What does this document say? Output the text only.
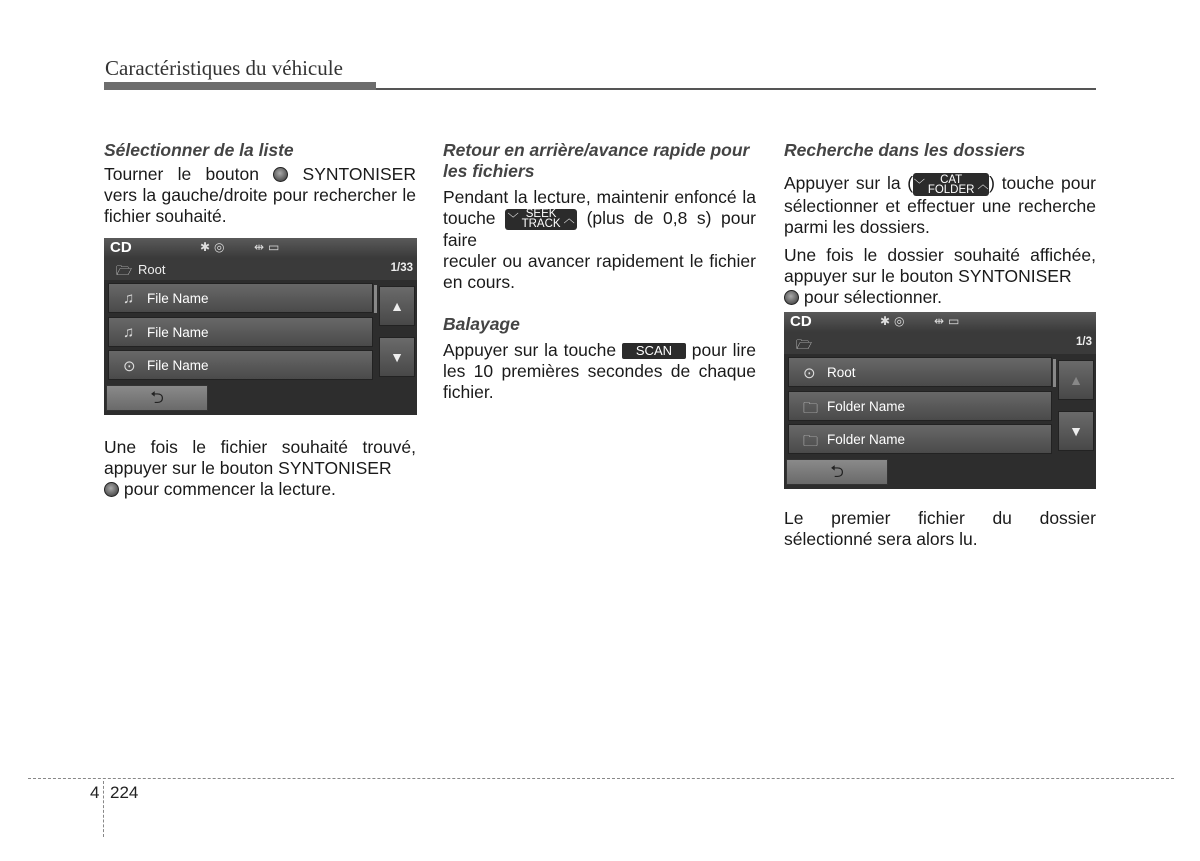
Caractéristiques du véhicule

Sélectionner de la liste

Tourner le bouton SYNTONISER vers la gauche/droite pour rechercher le fichier souhaité.

CD	✱◎ ⇹▭
🗁 Root	1/33
♫ File Name
♫ File Name
⊙ File Name
▲
▼
⮌

Une fois le fichier souhaité trouvé, appuyer sur le bouton SYNTONISER
pour commencer la lecture.

Retour en arrière/avance rapide pour les fichiers

Pendant la lecture, maintenir enfoncé la touche ﹀ SEEK
TRACK ︿ (plus de 0,8 s) pour faire
reculer ou avancer rapidement le fichier en cours.

Balayage

Appuyer sur la touche SCAN pour lire les 10 premières secondes de chaque fichier.

Recherche dans les dossiers

Appuyer sur la ( ﹀ CAT
FOLDER ︿ ) touche pour sélectionner et effectuer une recherche parmi les dossiers.

Une fois le dossier souhaité affichée, appuyer sur le bouton SYNTONISER
pour sélectionner.

CD	✱◎ ⇹▭
🗁	1/3
⊙ Root
🗀 Folder Name
🗀 Folder Name
▲
▼
⮌

Le premier fichier du dossier sélectionné sera alors lu.

4 224
